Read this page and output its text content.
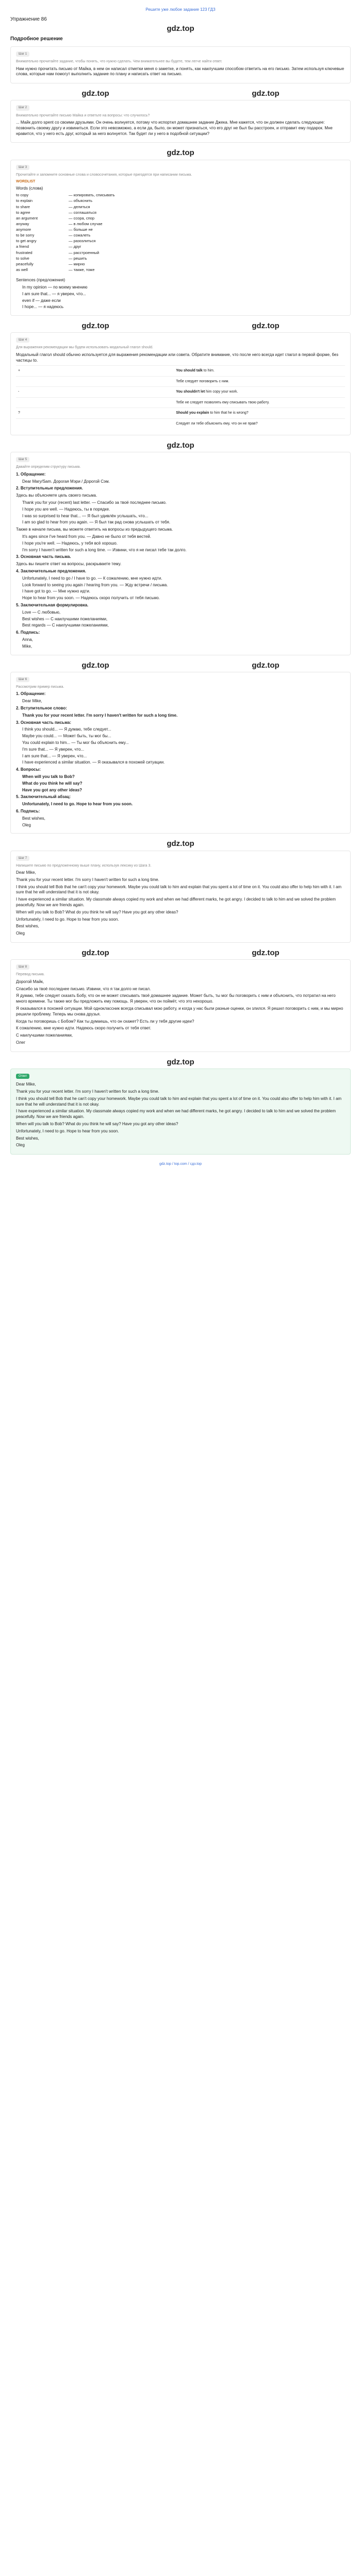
Решите уже любое задание 123 ГДЗ
Упражнение 86
gdz.top
Подробное решение
Шаг 1
Внимательно прочитайте задание, чтобы понять, что нужно сделать. Чем внимательнее вы будете, тем легче найти ответ.
Нам нужно прочитать письмо от Майка, в нем он написал отметки меня о заметке, и понять, как наилучшим способом ответить на его письмо. Затем используя ключевые слова, которые нам помогут выполнить задание по плану и написать ответ на письмо.
gdz.top	gdz.top
Шаг 2
Внимательно прочитайте письмо Майка и ответьте на вопросы: что случилось?
... Майк долго spent со своими друзьями. Он очень волнуется, потому что испортил домашнее задание Джека. Мне кажется, что он должен сделать следующее: позвонить своему другу и извиниться. Если это невозможно, а если да, было, он может признаться, что его друг не был бы расстроен, и отправит ему подарок. Мне нравится, что у него есть друг, который за него волнуется. Так будет ли у него в подобной ситуации?
gdz.top
Шаг 3
Прочитайте и запомните основные слова и словосочетания, которые пригодятся при написании письма.
WORDLIST
Words (слова)
to copy	— копировать, списывать
to explain	— объяснить
to share	— делиться
to agree	— соглашаться
an argument	— ссора, спор
anyway	— в любом случае
anymore	— больше не
to be sorry	— сожалеть
to get angry	— разозлиться
a friend	— друг
frustrated	— расстроенный
to solve	— решить
peacefully	— мирно
as well	— также, тоже
Sentences (предложения)
In my opinion — по моему мнению
I am sure that... — я уверен, что...
even if — даже если
I hope... — я надеюсь
gdz.top	gdz.top
Шаг 4
Для выражения рекомендации мы будем использовать модальный глагол should.
Модальный глагол should обычно используется для выражения рекомендации или совета. Обратите внимание, что после него всегда идет глагол в первой форме, без частицы to.
+	You should talk to him.
	Тебе следует поговорить с ним.
-	You shouldn't let him copy your work.
	Тебе не следует позволять ему списывать твою работу.
?	Should you explain to him that he is wrong?
	Следует ли тебе объяснить ему, что он не прав?
gdz.top
Шаг 5
Давайте определим структуру письма.
1. Обращение:
Dear Mary/Sam. Дорогая Мэри / Дорогой Сэм.
2. Вступительные предложения.
Здесь вы объясняете цель своего письма.
Thank you for your (recent) last letter. — Спасибо за твоё последнее письмо.
I hope you are well. — Надеюсь, ты в порядке.
I was so surprised to hear that... — Я был удивлён услышать, что...
I am so glad to hear from you again. — Я был так рад снова услышать от тебя.
Также в начале письма, вы можете ответить на вопросы из предыдущего письма.
It's ages since I've heard from you. — Давно не было от тебя вестей.
I hope you're well. — Надеюсь, у тебя всё хорошо.
I'm sorry I haven't written for such a long time. — Извини, что я не писал тебе так долго.
3. Основная часть письма.
Здесь вы пишете ответ на вопросы, раскрываете тему.
4. Заключительные предложения.
Unfortunately, I need to go / I have to go. — К сожалению, мне нужно идти.
Look forward to seeing you again / hearing from you. — Жду встречи / письма.
I have got to go. — Мне нужно идти.
Hope to hear from you soon. — Надеюсь скоро получить от тебя письмо.
5. Заключительная формулировка.
Love — С любовью,
Best wishes — С наилучшими пожеланиями,
Best regards — С наилучшими пожеланиями,
6. Подпись:
Anna,
Mike,
gdz.top	gdz.top
Шаг 6
Рассмотрим пример письма.
1. Обращение:
Dear Mike,
2. Вступительное слово:
Thank you for your recent letter. I'm sorry I haven't written for such a long time.
3. Основная часть письма:
I think you should... — Я думаю, тебе следует...
Maybe you could... — Может быть, ты мог бы...
You could explain to him... — Ты мог бы объяснить ему...
I'm sure that... — Я уверен, что...
I am sure that... — Я уверен, что...
I have experienced a similar situation. — Я оказывался в похожей ситуации.
4. Вопросы:
When will you talk to Bob?
What do you think he will say?
Have you got any other ideas?
5. Заключительный абзац:
Unfortunately, I need to go. Hope to hear from you soon.
6. Подпись:
Best wishes,
Oleg
gdz.top
Шаг 7
Напишите письмо по предложенному выше плану, используя лексику из Шага 3.

Dear Mike,

Thank you for your recent letter. I'm sorry I haven't written for such a long time.

I think you should tell Bob that he can't copy your homework. Maybe you could talk to him and explain that you spent a lot of time on it. You could also offer to help him with it. I am sure that he will understand that it is not okay.

I have experienced a similar situation. My classmate always copied my work and when we had different marks, he got angry. I decided to talk to him and we solved the problem peacefully. Now we are friends again.

When will you talk to Bob? What do you think he will say? Have you got any other ideas?

Unfortunately, I need to go. Hope to hear from you soon.

Best wishes,

Oleg

gdz.top	gdz.top
Шаг 8
Перевод письма.

Дорогой Майк,

Спасибо за твоё последнее письмо. Извини, что я так долго не писал.

Я думаю, тебе следует сказать Бобу, что он не может списывать твоё домашнее задание. Может быть, ты мог бы поговорить с ним и объяснить, что потратил на него много времени. Ты также мог бы предложить ему помощь. Я уверен, что он поймёт, что это нехорошо.

Я оказывался в похожей ситуации. Мой одноклассник всегда списывал мою работу, и когда у нас были разные оценки, он злился. Я решил поговорить с ним, и мы мирно решили проблему. Теперь мы снова друзья.

Когда ты поговоришь с Бобом? Как ты думаешь, что он скажет? Есть ли у тебя другие идеи?

К сожалению, мне нужно идти. Надеюсь скоро получить от тебя ответ.

С наилучшими пожеланиями,

Олег

gdz.top
Ответ

Dear Mike,

Thank you for your recent letter. I'm sorry I haven't written for such a long time.

I think you should tell Bob that he can't copy your homework. Maybe you could talk to him and explain that you spent a lot of time on it. You could also offer to help him with it. I am sure that he will understand that it is not okay.

I have experienced a similar situation. My classmate always copied my work and when we had different marks, he got angry. I decided to talk to him and we solved the problem peacefully. Now we are friends again.

When will you talk to Bob? What do you think he will say? Have you got any other ideas?

Unfortunately, I need to go. Hope to hear from you soon.

Best wishes,

Oleg

gdz.top / top.com / сдз.top
